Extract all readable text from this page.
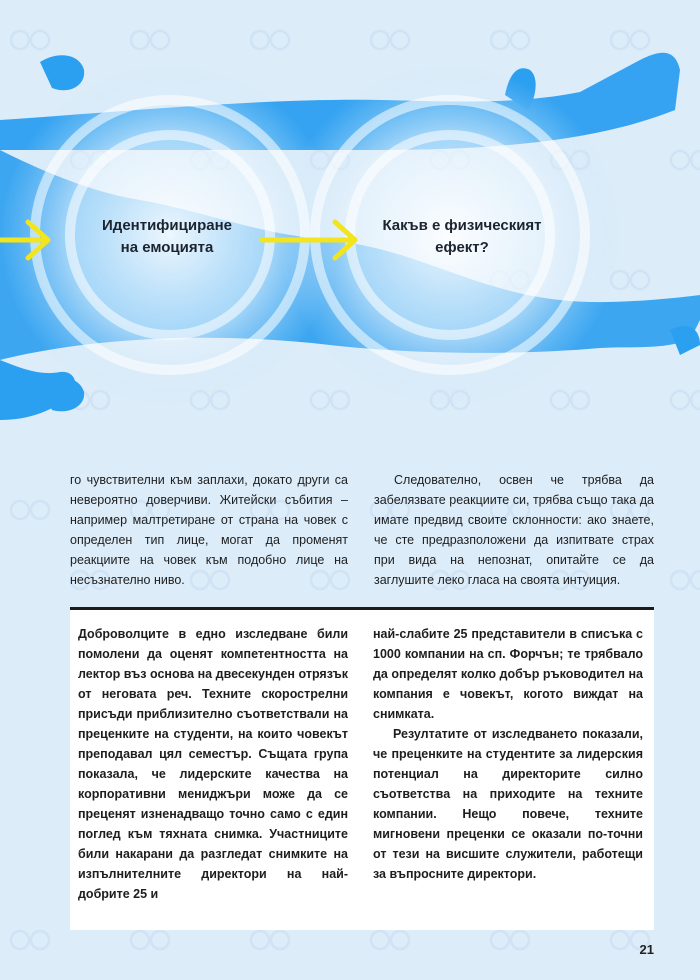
Идентифициране
на емоцията
Какъв е физическият
ефект?

го чувствителни към заплахи, докато други са невероятно доверчиви. Житейски събития – например малтретиране от страна на човек с определен тип лице, могат да променят реакциите на човек към подобно лице на несъзнателно ниво.

Следователно, освен че трябва да забелязвате реакциите си, трябва също така да имате предвид своите склонности: ако знаете, че сте предразположени да изпитвате страх при вида на непознат, опитайте се да заглушите леко гласа на своята интуиция.

Доброволците в едно изследване били помолени да оценят компетентността на лектор въз основа на двесекунден отрязък от неговата реч. Техните скорострелни присъди приблизително съответствали на преценките на студенти, на които човекът преподавал цял семестър. Същата група показала, че лидерските качества на корпоративни мениджъри може да се преценят изненадващо точно само с един поглед към тяхната снимка. Участниците били накарани да разгледат снимките на изпълнителните директори на най-добрите 25 и

най-слабите 25 представители в списъка с 1000 компании на сп. Форчън; те трябвало да определят колко добър ръководител на компания е човекът, когото виждат на снимката.

Резултатите от изследването показали, че преценките на студентите за лидерския потенциал на директорите силно съответства на приходите на техните компании. Нещо повече, техните мигновени преценки се оказали по-точни от тези на висшите служители, работещи за въпросните директори.

21
